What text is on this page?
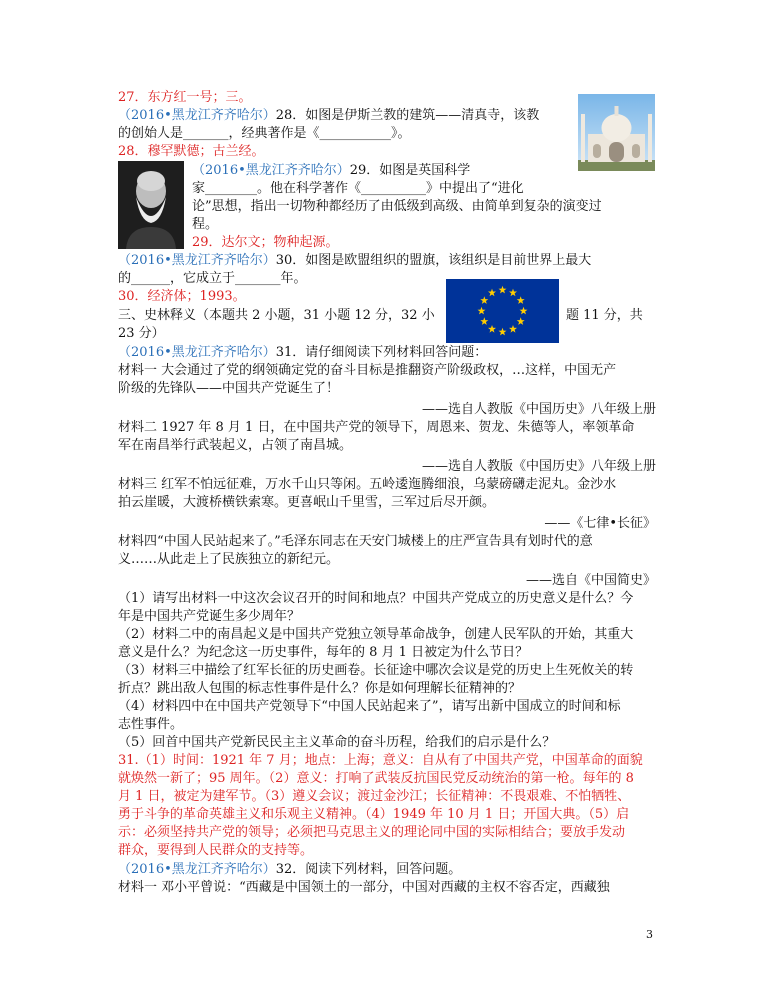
27．东方红一号；三。
（2016•黑龙江齐齐哈尔）28．如图是伊斯兰教的建筑——清真寺，该教
的创始人是_______，经典著作是《___________》。
28．穆罕默德；古兰经。
（2016•黑龙江齐齐哈尔）29．如图是英国科学
家________。他在科学著作《__________》中提出了“进化
论”思想，指出一切物种都经历了由低级到高级、由简单到复杂的演变过
程。
29．达尔文；物种起源。
（2016•黑龙江齐齐哈尔）30．如图是欧盟组织的盟旗，该组织是目前世界上最大
的______，它成立于_______年。
30．经济体；1993。
三、史林释义（本题共 2 小题，31 小题 12 分，32 小	题 11 分，共
23 分）
（2016•黑龙江齐齐哈尔）31．请仔细阅读下列材料回答问题：
材料一 大会通过了党的纲领确定党的奋斗目标是推翻资产阶级政权，…这样，中国无产
阶级的先锋队——中国共产党诞生了！
——选自人教版《中国历史》八年级上册
材料二 1927 年 8 月 1 日，在中国共产党的领导下，周恩来、贺龙、朱德等人，率领革命
军在南昌举行武装起义，占领了南昌城。
——选自人教版《中国历史》八年级上册
材料三 红军不怕远征难，万水千山只等闲。五岭逶迤腾细浪，乌蒙磅礴走泥丸。金沙水
拍云崖暖，大渡桥横铁索寒。更喜岷山千里雪，三军过后尽开颜。
——《七律•长征》
材料四“中国人民站起来了。”毛泽东同志在天安门城楼上的庄严宣告具有划时代的意
义……从此走上了民族独立的新纪元。
——选自《中国简史》
（1）请写出材料一中这次会议召开的时间和地点？中国共产党成立的历史意义是什么？今
年是中国共产党诞生多少周年？
（2）材料二中的南昌起义是中国共产党独立领导革命战争，创建人民军队的开始，其重大
意义是什么？为纪念这一历史事件，每年的 8 月 1 日被定为什么节日？
（3）材料三中描绘了红军长征的历史画卷。长征途中哪次会议是党的历史上生死攸关的转
折点？跳出敌人包围的标志性事件是什么？你是如何理解长征精神的？
（4）材料四中在中国共产党领导下“中国人民站起来了”，请写出新中国成立的时间和标
志性事件。
（5）回首中国共产党新民民主主义革命的奋斗历程，给我们的启示是什么？
31.（1）时间：1921 年 7 月；地点：上海；意义：自从有了中国共产党，中国革命的面貌
就焕然一新了；95 周年。（2）意义：打响了武装反抗国民党反动统治的第一枪。每年的 8
月 1 日，被定为建军节。（3）遵义会议；渡过金沙江；长征精神：不畏艰难、不怕牺牲、
勇于斗争的革命英雄主义和乐观主义精神。（4）1949 年 10 月 1 日；开国大典。（5）启
示：必须坚持共产党的领导；必须把马克思主义的理论同中国的实际相结合；要放手发动
群众，要得到人民群众的支持等。
（2016•黑龙江齐齐哈尔）32．阅读下列材料，回答问题。
材料一 邓小平曾说：“西藏是中国领土的一部分，中国对西藏的主权不容否定，西藏独
3
